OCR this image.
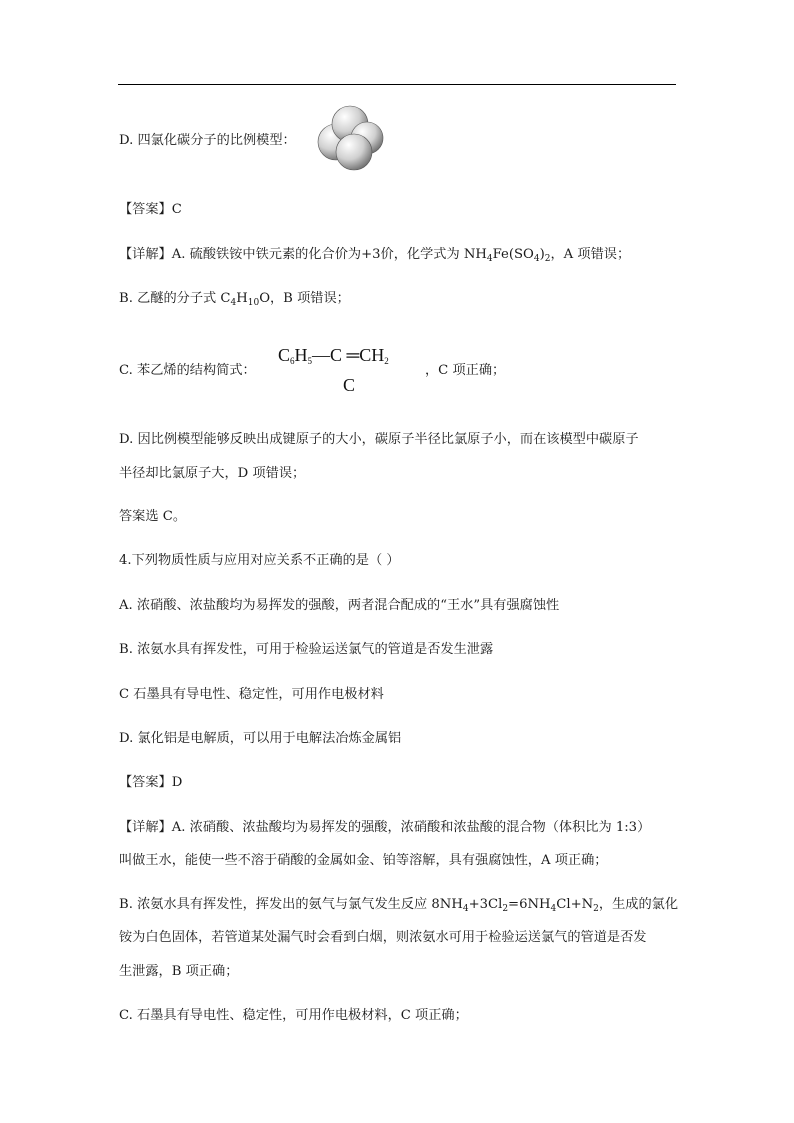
D. 四氯化碳分子的比例模型：
【答案】C
【详解】A. 硫酸铁铵中铁元素的化合价为+3价，化学式为 $NH_4Fe(SO_4)_2$，A 项错误；
B. 乙醚的分子式 $C_4H_{10}O$，B 项错误；
C. 苯乙烯的结构简式：
$C_6H_5—C$ $═CH_2$
C
，C 项正确；
D. 因比例模型能够反映出成键原子的大小，碳原子半径比氯原子小，而在该模型中碳原子
半径却比氯原子大，D 项错误；
答案选 C。
4.下列物质性质与应用对应关系不正确的是（ ）
A. 浓硝酸、浓盐酸均为易挥发的强酸，两者混合配成的“王水”具有强腐蚀性
B. 浓氨水具有挥发性，可用于检验运送氯气的管道是否发生泄露
C 石墨具有导电性、稳定性，可用作电极材料
D. 氯化铝是电解质，可以用于电解法冶炼金属铝
【答案】D
【详解】A. 浓硝酸、浓盐酸均为易挥发的强酸，浓硝酸和浓盐酸的混合物（体积比为 1:3）
叫做王水，能使一些不溶于硝酸的金属如金、铂等溶解，具有强腐蚀性，A 项正确；
B. 浓氨水具有挥发性，挥发出的氨气与氯气发生反应 $8NH_4+3Cl_2=6NH_4Cl+N_2$，生成的氯化
铵为白色固体，若管道某处漏气时会看到白烟，则浓氨水可用于检验运送氯气的管道是否发
生泄露，B 项正确；
C. 石墨具有导电性、稳定性，可用作电极材料，C 项正确；
